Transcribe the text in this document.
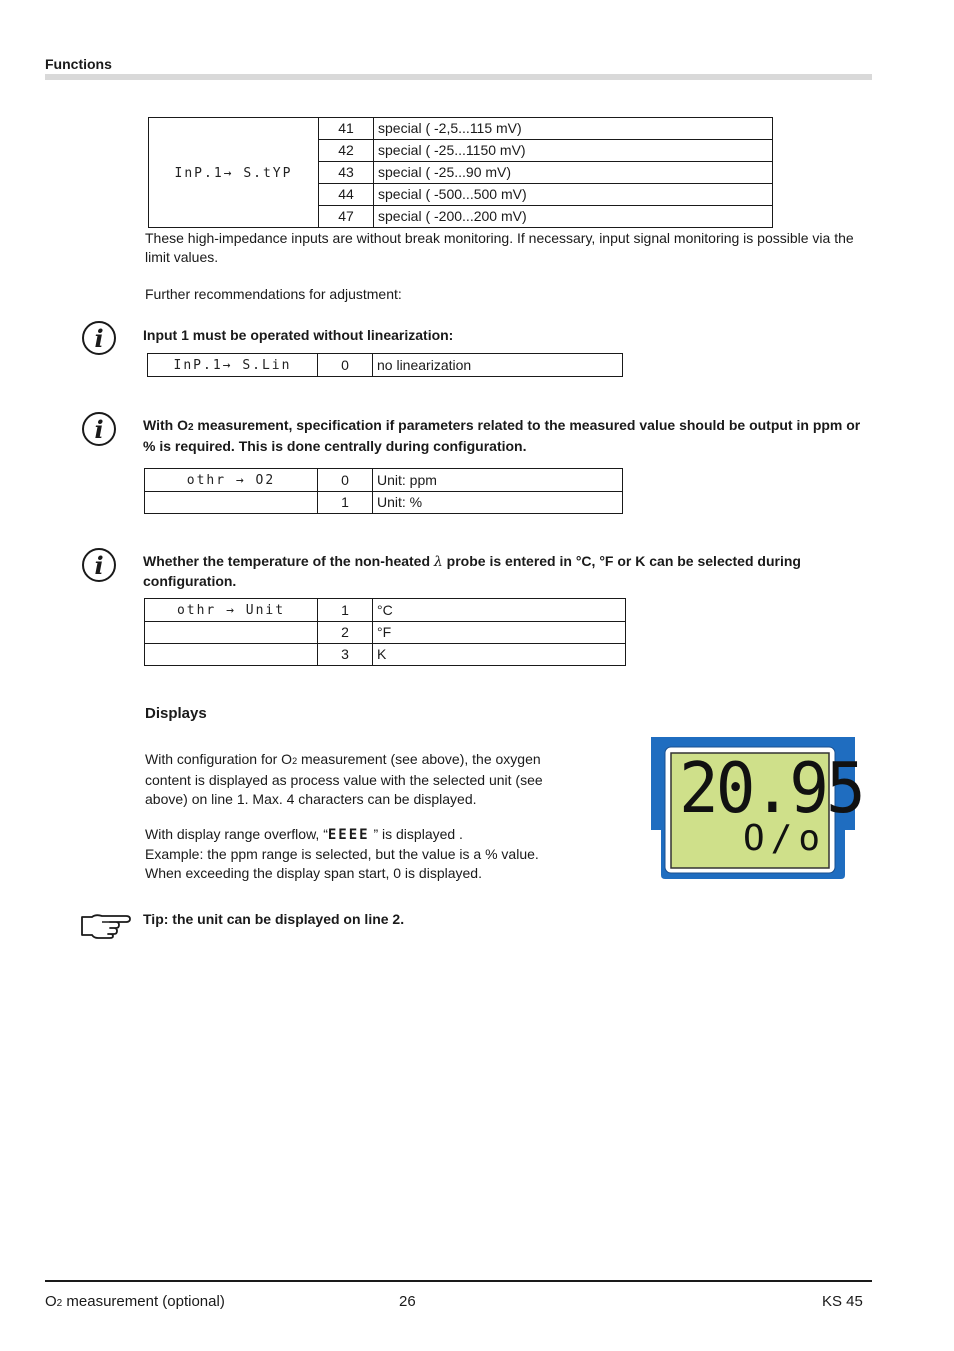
Functions
InP.1→ S.tYP	41	special ( -2,5...115 mV)
	42	special ( -25...1150 mV)
	43	special ( -25...90 mV)
	44	special ( -500...500 mV)
	47	special ( -200...200 mV)
These high-impedance inputs are without break monitoring. If necessary, input signal monitoring is possible via the limit values.
Further recommendations for adjustment:
i	Input 1 must be operated without linearization:
InP.1→ S.Lin	0	no linearization
i	With O2 measurement, specification if parameters related to the measured value should be output in ppm or % is required. This is done centrally during configuration.
othr → O2	0	Unit: ppm
	1	Unit: %
i	Whether the temperature of the non-heated λ probe is entered in °C, °F or K can be selected during configuration.
othr → Unit	1	°C
	2	°F
	3	K
Displays
With configuration for O2 measurement (see above), the oxygen content is displayed as process value with the selected unit (see above) on line 1. Max. 4 characters can be displayed.
With display range overflow, “EEEE ” is displayed .
Example: the ppm range is selected, but the value is a % value.
When exceeding the display span start, 0 is displayed.
20.95
O/o
Tip: the unit can be displayed on line 2.
O2 measurement (optional)	26	KS 45
